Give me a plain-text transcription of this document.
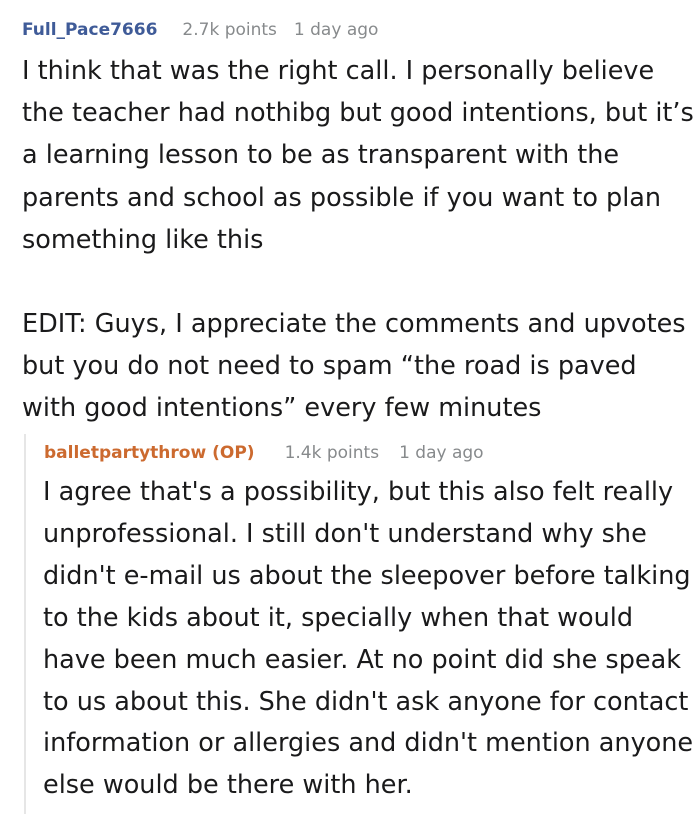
Full_Pace7666 2.7k points 1 day ago

I think that was the right call. I personally believe the teacher had nothibg but good intentions, but it’s a learning lesson to be as transparent with the parents and school as possible if you want to plan something like this

EDIT: Guys, I appreciate the comments and upvotes but you do not need to spam “the road is paved with good intentions” every few minutes

balletpartythrow (OP) 1.4k points 1 day ago

I agree that's a possibility, but this also felt really unprofessional. I still don't understand why she didn't e-mail us about the sleepover before talking to the kids about it, specially when that would have been much easier. At no point did she speak to us about this. She didn't ask anyone for contact information or allergies and didn't mention anyone else would be there with her.
